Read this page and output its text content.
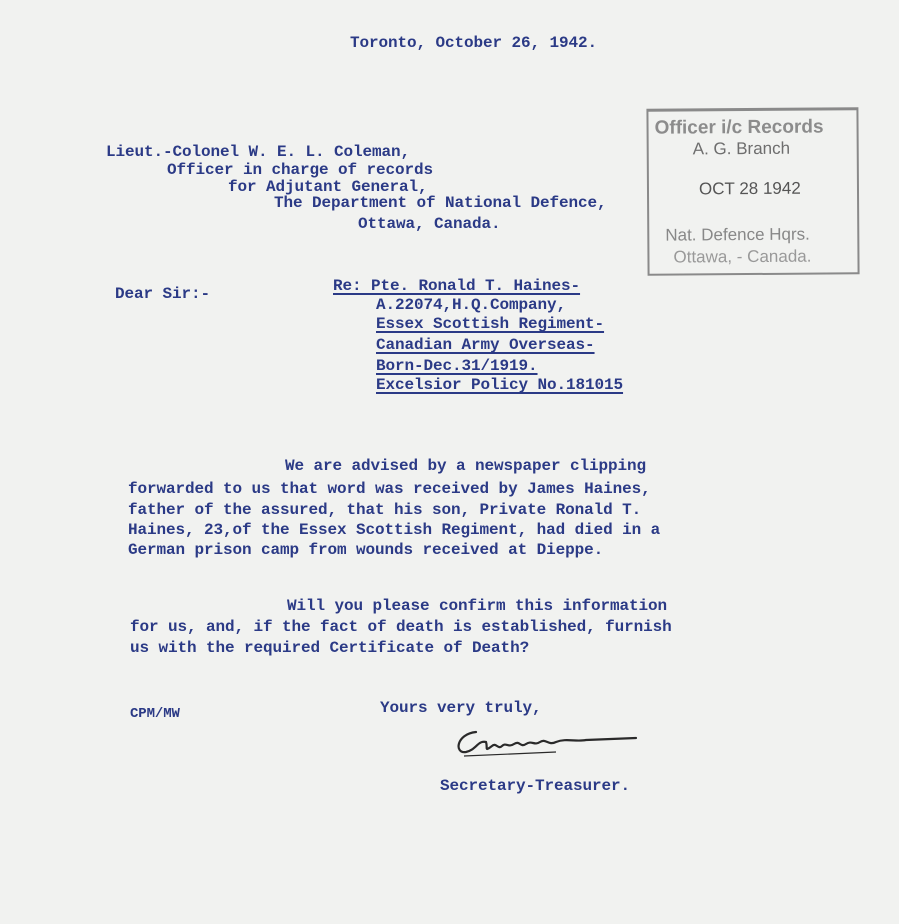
Toronto, October 26, 1942.
Lieut.-Colonel W. E. L. Coleman,
Officer in charge of records
for Adjutant General,
The Department of National Defence,
Ottawa, Canada.
Dear Sir:-	Re: Pte. Ronald T. Haines-
A.22074,H.Q.Company,
Essex Scottish Regiment-
Canadian Army Overseas-
Born-Dec.31/1919.
Excelsior Policy No.181015
We are advised by a newspaper clipping
forwarded to us that word was received by James Haines,
father of the assured, that his son, Private Ronald T.
Haines, 23,of the Essex Scottish Regiment, had died in a
German prison camp from wounds received at Dieppe.
Will you please confirm this information
for us, and, if the fact of death is established, furnish
us with the required Certificate of Death?
CPM/MW	Yours very truly,
Secretary-Treasurer.
Officer i/c Records
A. G. Branch
OCT 28 1942
Nat. Defence Hqrs.
Ottawa, - Canada.
